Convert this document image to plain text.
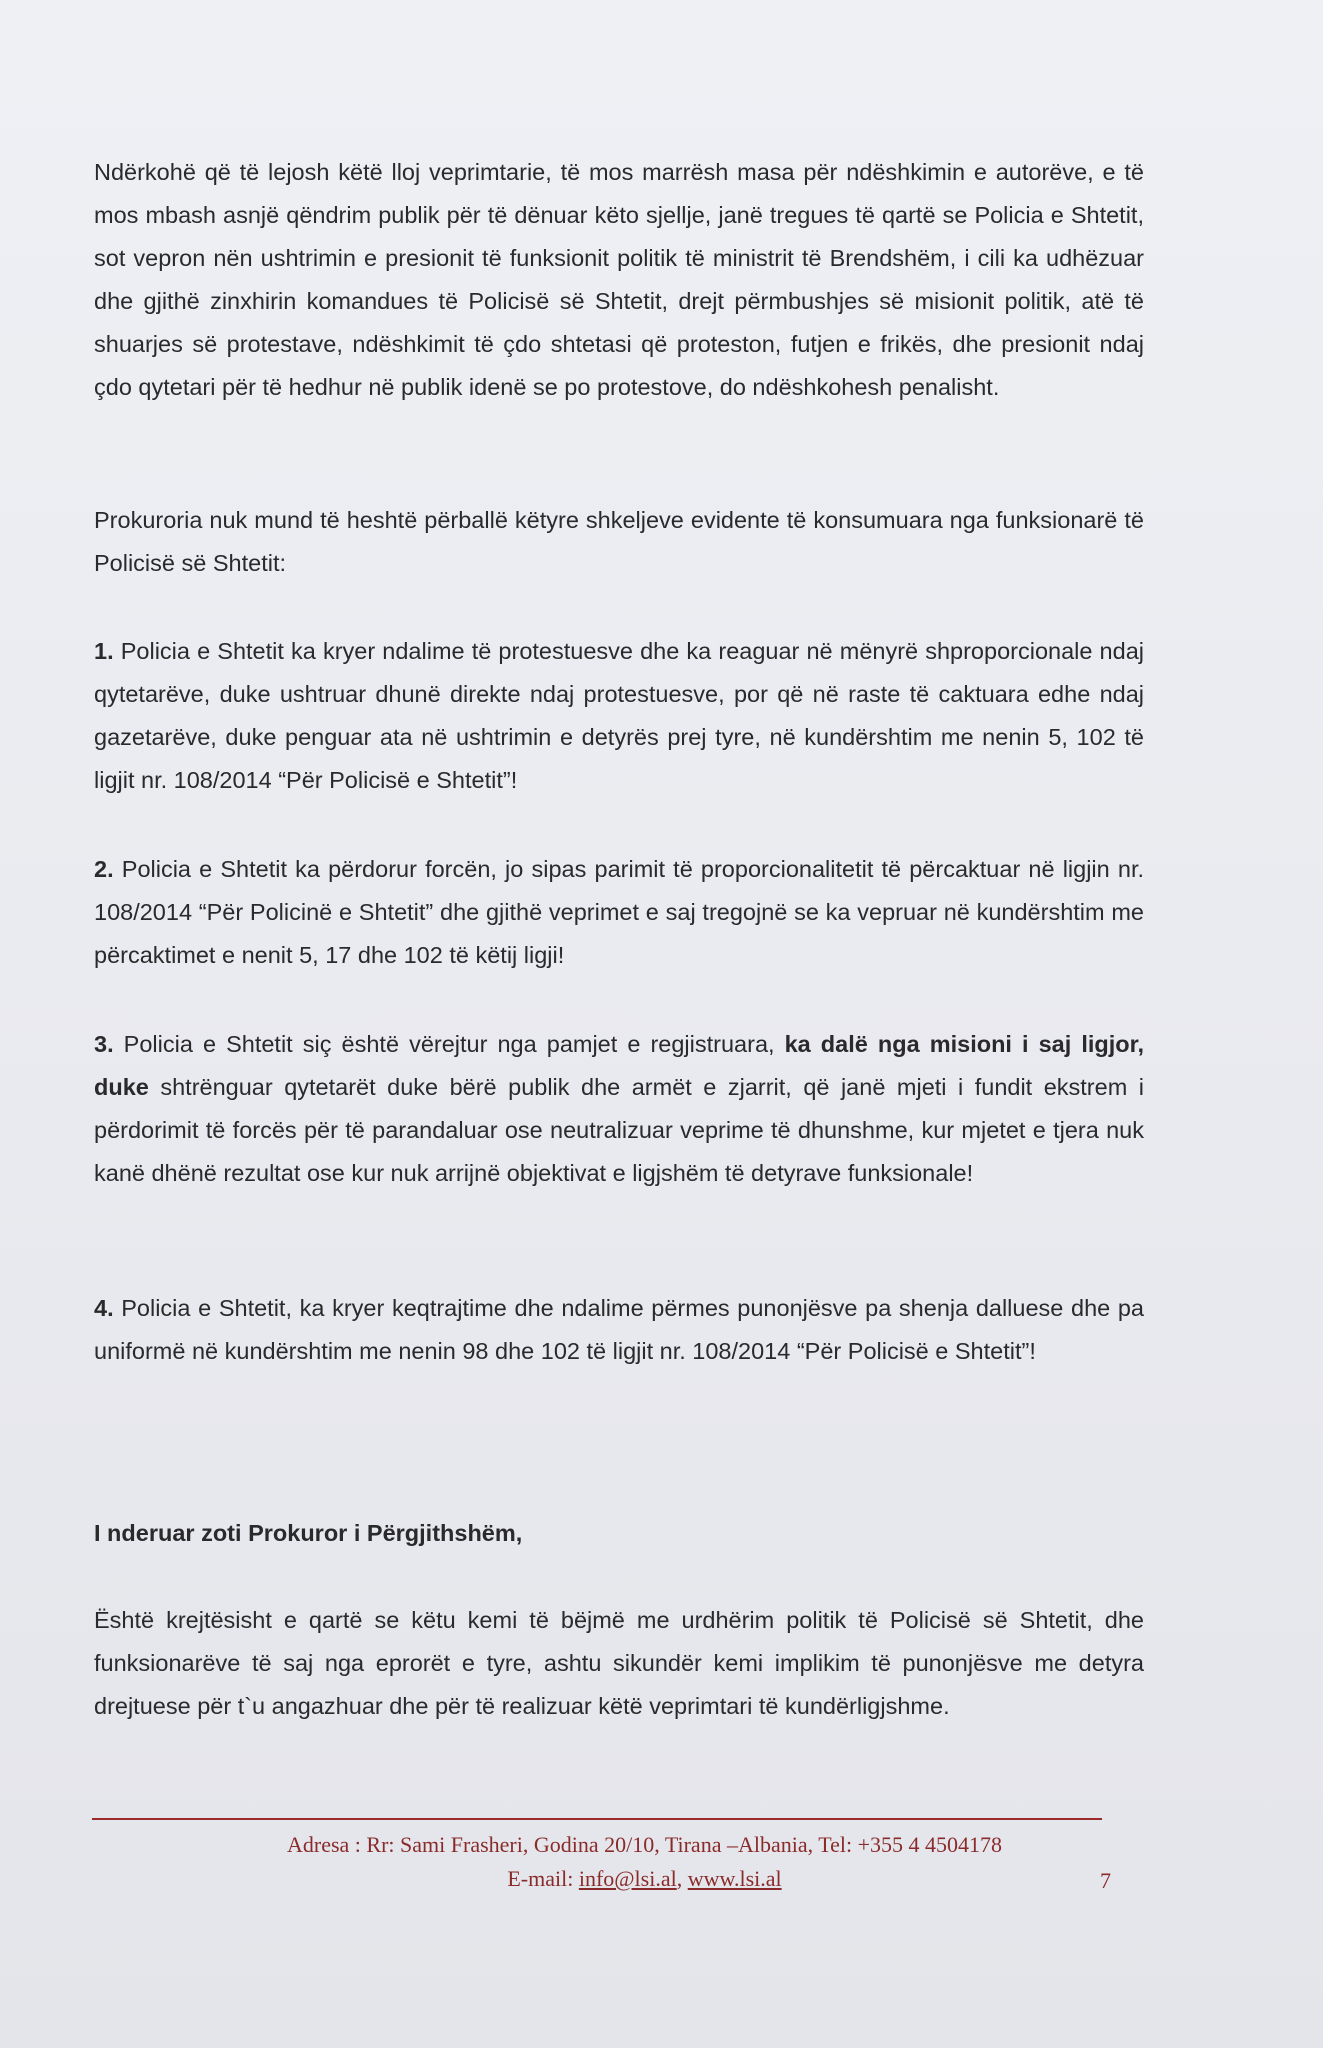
Ndërkohë që të lejosh këtë lloj veprimtarie, të mos marrësh masa për ndëshkimin e autorëve, e të mos mbash asnjë qëndrim publik për të dënuar këto sjellje, janë tregues të qartë se Policia e Shtetit, sot vepron nën ushtrimin e presionit të funksionit politik të ministrit të Brendshëm, i cili ka udhëzuar dhe gjithë zinxhirin komandues të Policisë së Shtetit, drejt përmbushjes së misionit politik, atë të shuarjes së protestave, ndëshkimit të çdo shtetasi që proteston, futjen e frikës, dhe presionit ndaj çdo qytetari për të hedhur në publik idenë se po protestove, do ndëshkohesh penalisht.

Prokuroria nuk mund të heshtë përballë këtyre shkeljeve evidente të konsumuara nga funksionarë të Policisë së Shtetit:

1. Policia e Shtetit ka kryer ndalime të protestuesve dhe ka reaguar në mënyrë shproporcionale ndaj qytetarëve, duke ushtruar dhunë direkte ndaj protestuesve, por që në raste të caktuara edhe ndaj gazetarëve, duke penguar ata në ushtrimin e detyrës prej tyre, në kundërshtim me nenin 5, 102 të ligjit nr. 108/2014 “Për Policisë e Shtetit”!

2. Policia e Shtetit ka përdorur forcën, jo sipas parimit të proporcionalitetit të përcaktuar në ligjin nr. 108/2014 “Për Policinë e Shtetit” dhe gjithë veprimet e saj tregojnë se ka vepruar në kundërshtim me përcaktimet e nenit 5, 17 dhe 102 të këtij ligji!

3. Policia e Shtetit siç është vërejtur nga pamjet e regjistruara, ka dalë nga misioni i saj ligjor, duke shtrënguar qytetarët duke bërë publik dhe armët e zjarrit, që janë mjeti i fundit ekstrem i përdorimit të forcës për të parandaluar ose neutralizuar veprime të dhunshme, kur mjetet e tjera nuk kanë dhënë rezultat ose kur nuk arrijnë objektivat e ligjshëm të detyrave funksionale!

4. Policia e Shtetit, ka kryer keqtrajtime dhe ndalime përmes punonjësve pa shenja dalluese dhe pa uniformë në kundërshtim me nenin 98 dhe 102 të ligjit nr. 108/2014 “Për Policisë e Shtetit”!

I nderuar zoti Prokuror i Përgjithshëm,

Është krejtësisht e qartë se këtu kemi të bëjmë me urdhërim politik të Policisë së Shtetit, dhe funksionarëve të saj nga eprorët e tyre, ashtu sikundër kemi implikim të punonjësve me detyra drejtuese për t`u angazhuar dhe për të realizuar këtë veprimtari të kundërligjshme.

Adresa : Rr: Sami Frasheri, Godina 20/10, Tirana –Albania, Tel: +355 4 4504178
E-mail: info@lsi.al, www.lsi.al	7
